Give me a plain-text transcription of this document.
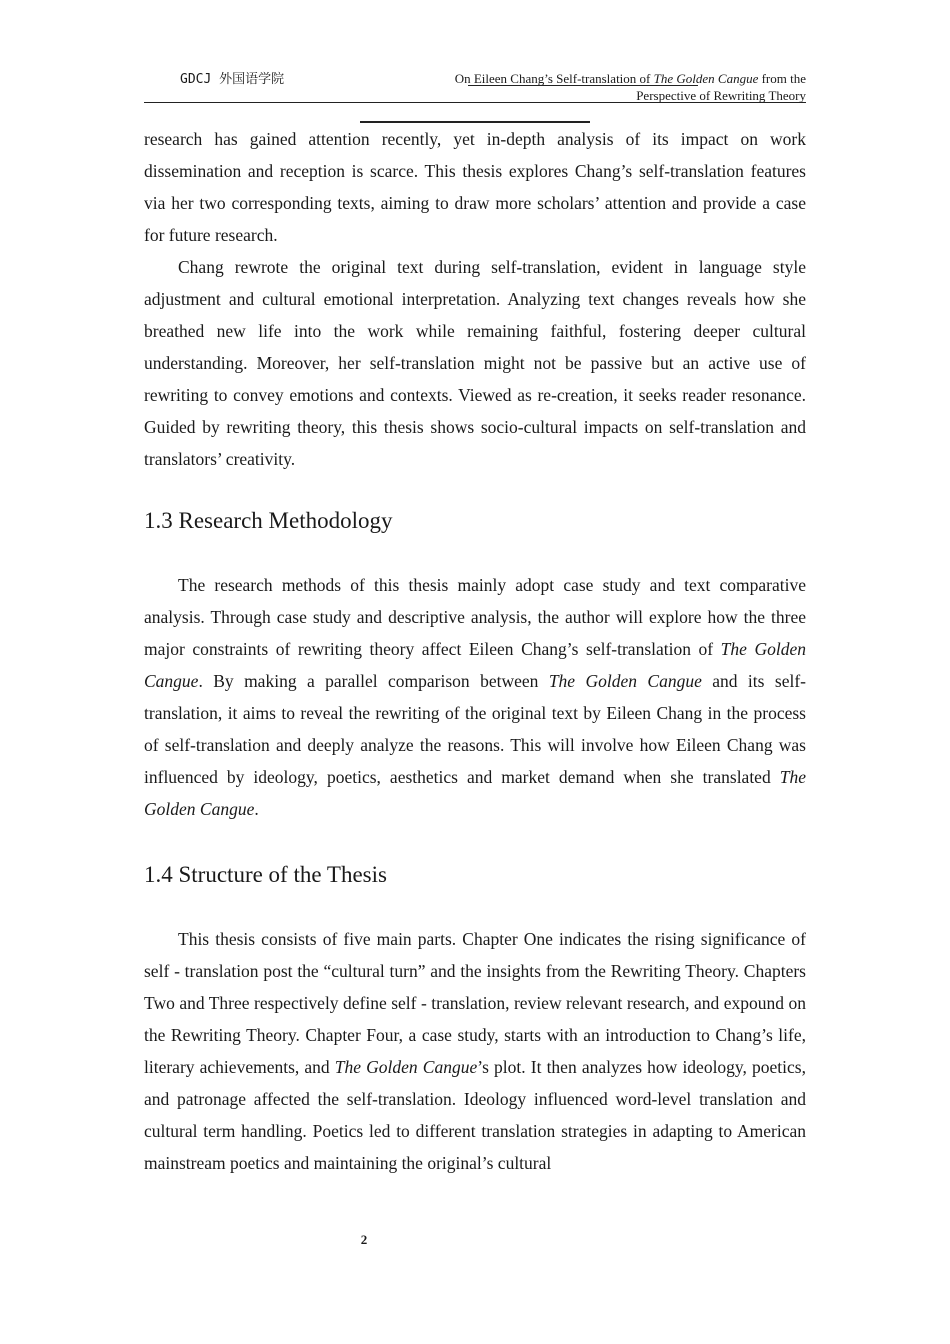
GDCJ 外国语学院	On Eileen Chang’s Self-translation of The Golden Cangue from the
Perspective of Rewriting Theory

research has gained attention recently, yet in-depth analysis of its impact on work dissemination and reception is scarce. This thesis explores Chang’s self-translation features via her two corresponding texts, aiming to draw more scholars’ attention and provide a case for future research.

Chang rewrote the original text during self-translation, evident in language style adjustment and cultural emotional interpretation. Analyzing text changes reveals how she breathed new life into the work while remaining faithful, fostering deeper cultural understanding. Moreover, her self-translation might not be passive but an active use of rewriting to convey emotions and contexts. Viewed as re-creation, it seeks reader resonance. Guided by rewriting theory, this thesis shows socio-cultural impacts on self-translation and translators’ creativity.

1.3 Research Methodology

The research methods of this thesis mainly adopt case study and text comparative analysis. Through case study and descriptive analysis, the author will explore how the three major constraints of rewriting theory affect Eileen Chang’s self-translation of The Golden Cangue. By making a parallel comparison between The Golden Cangue and its self-translation, it aims to reveal the rewriting of the original text by Eileen Chang in the process of self-translation and deeply analyze the reasons. This will involve how Eileen Chang was influenced by ideology, poetics, aesthetics and market demand when she translated The Golden Cangue.

1.4 Structure of the Thesis

This thesis consists of five main parts. Chapter One indicates the rising significance of self - translation post the “cultural turn” and the insights from the Rewriting Theory. Chapters Two and Three respectively define self - translation, review relevant research, and expound on the Rewriting Theory. Chapter Four, a case study, starts with an introduction to Chang’s life, literary achievements, and The Golden Cangue’s plot. It then analyzes how ideology, poetics, and patronage affected the self-translation. Ideology influenced word-level translation and cultural term handling. Poetics led to different translation strategies in adapting to American mainstream poetics and maintaining the original’s cultural

2
